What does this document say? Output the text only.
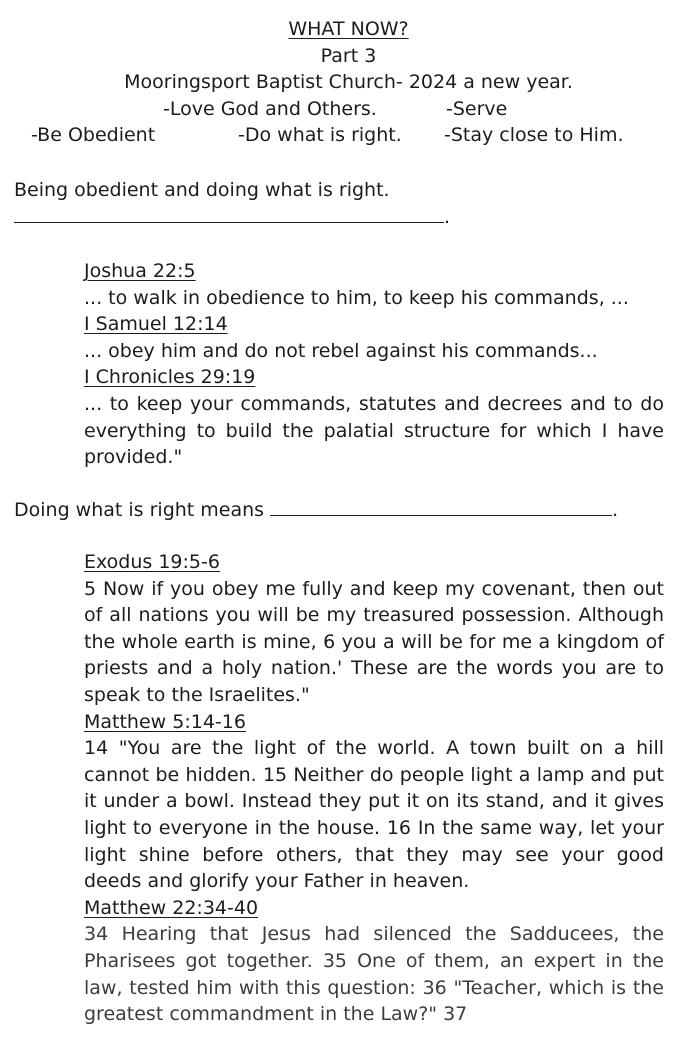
WHAT NOW?
Part 3
Mooringsport Baptist Church- 2024 a new year.
-Love God and Others.	-Serve
-Be Obedient	-Do what is right. -Stay close to Him.
Being obedient and doing what is right.
.
Joshua 22:5
... to walk in obedience to him, to keep his commands, ...
I Samuel 12:14
... obey him and do not rebel against his commands...
I Chronicles 29:19
... to keep your commands, statutes and decrees and to do everything to build the palatial structure for which I have provided."
Doing what is right means	.
Exodus 19:5-6
5 Now if you obey me fully and keep my covenant, then out of all nations you will be my treasured possession. Although the whole earth is mine, 6 you a will be for me a kingdom of priests and a holy nation.' These are the words you are to speak to the Israelites."
Matthew 5:14-16
14 "You are the light of the world. A town built on a hill cannot be hidden. 15 Neither do people light a lamp and put it under a bowl. Instead they put it on its stand, and it gives light to everyone in the house. 16 In the same way, let your light shine before others, that they may see your good deeds and glorify your Father in heaven.
Matthew 22:34-40
34 Hearing that Jesus had silenced the Sadducees, the Pharisees got together. 35 One of them, an expert in the law, tested him with this question: 36 "Teacher, which is the greatest commandment in the Law?" 37
